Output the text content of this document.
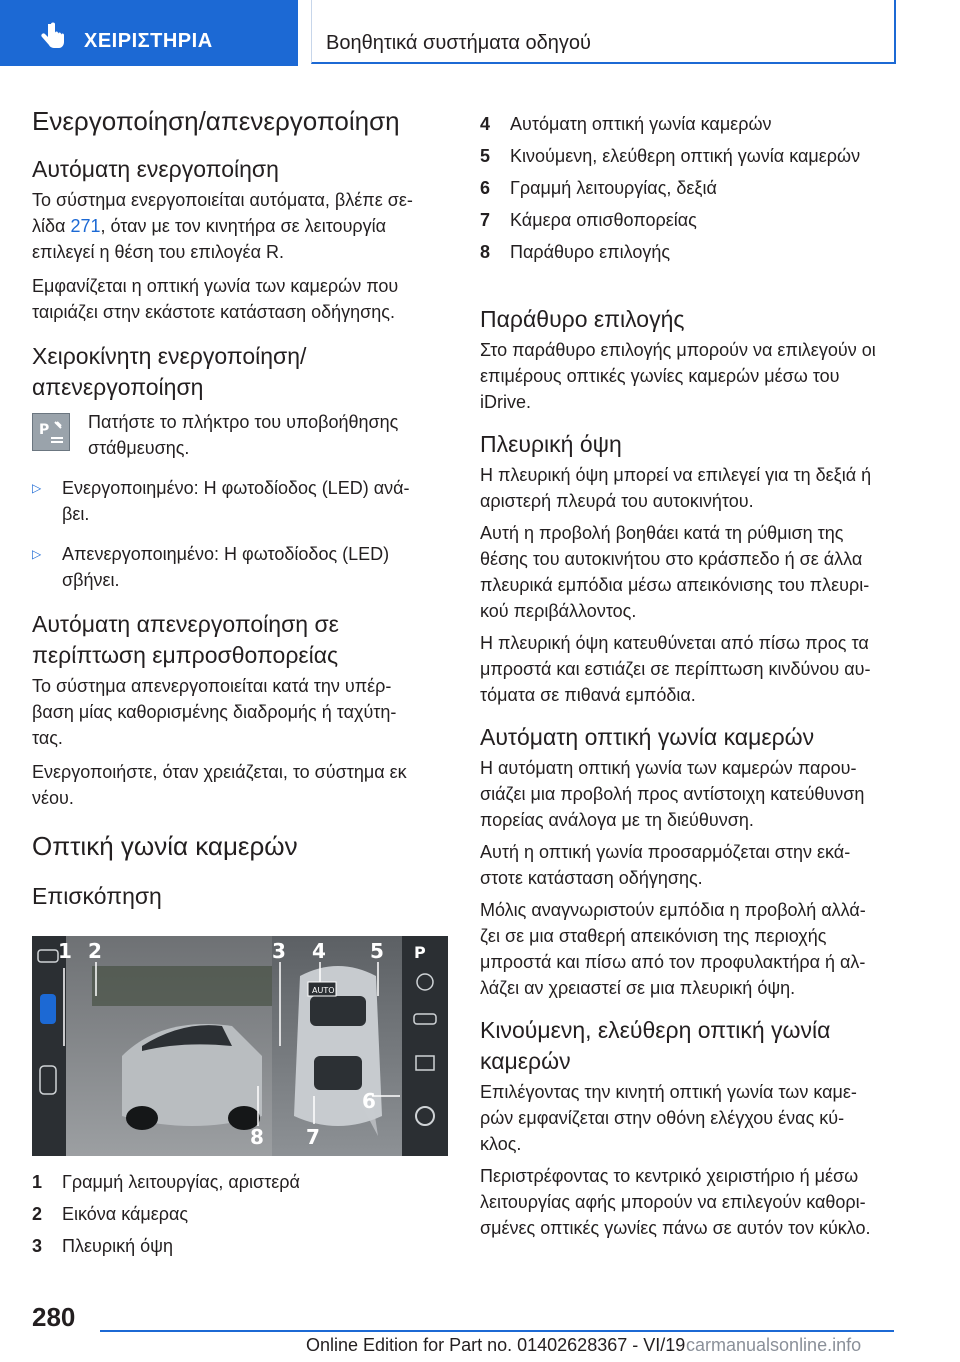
ΧΕΙΡΙΣΤΗΡΙΑ	Βοηθητικά συστήματα οδηγού
Ενεργοποίηση/απενεργοποίηση
Αυτόματη ενεργοποίηση

Το σύστημα ενεργοποιείται αυτόματα, βλέπε σε-
λίδα 271, όταν με τον κινητήρα σε λειτουργία
επιλεγεί η θέση του επιλογέα R.

Εμφανίζεται η οπτική γωνία των καμερών που
ταιριάζει στην εκάστοτε κατάσταση οδήγησης.

Χειροκίνητη ενεργοποίηση/
απενεργοποίηση
P Πατήστε το πλήκτρο του υποβοήθησης
στάθμευσης.

▷	Ενεργοποιημένο: Η φωτοδίοδος (LED) ανά-
βει.

▷	Απενεργοποιημένο: Η φωτοδίοδος (LED)
σβήνει.

Αυτόματη απενεργοποίηση σε
περίπτωση εμπροσθοπορείας

Το σύστημα απενεργοποιείται κατά την υπέρ-
βαση μίας καθορισμένης διαδρομής ή ταχύτη-
τας.

Ενεργοποιήστε, όταν χρειάζεται, το σύστημα εκ
νέου.

Οπτική γωνία καμερών
Επισκόπηση
AUTO
P
1 2	3 4 5
6
7
8
1	Γραμμή λειτουργίας, αριστερά
2	Εικόνα κάμερας
3	Πλευρική όψη
4	Αυτόματη οπτική γωνία καμερών
5	Κινούμενη, ελεύθερη οπτική γωνία καμερών
6	Γραμμή λειτουργίας, δεξιά
7	Κάμερα οπισθοπορείας
8	Παράθυρο επιλογής
Παράθυρο επιλογής

Στο παράθυρο επιλογής μπορούν να επιλεγούν οι
επιμέρους οπτικές γωνίες καμερών μέσω του
iDrive.

Πλευρική όψη

Η πλευρική όψη μπορεί να επιλεγεί για τη δεξιά ή
αριστερή πλευρά του αυτοκινήτου.

Αυτή η προβολή βοηθάει κατά τη ρύθμιση της
θέσης του αυτοκινήτου στο κράσπεδο ή σε άλλα
πλευρικά εμπόδια μέσω απεικόνισης του πλευρι-
κού περιβάλλοντος.

Η πλευρική όψη κατευθύνεται από πίσω προς τα
μπροστά και εστιάζει σε περίπτωση κινδύνου αυ-
τόματα σε πιθανά εμπόδια.

Αυτόματη οπτική γωνία καμερών

Η αυτόματη οπτική γωνία των καμερών παρου-
σιάζει μια προβολή προς αντίστοιχη κατεύθυνση
πορείας ανάλογα με τη διεύθυνση.

Αυτή η οπτική γωνία προσαρμόζεται στην εκά-
στοτε κατάσταση οδήγησης.

Μόλις αναγνωριστούν εμπόδια η προβολή αλλά-
ζει σε μια σταθερή απεικόνιση της περιοχής
μπροστά και πίσω από τον προφυλακτήρα ή αλ-
λάζει αν χρειαστεί σε μια πλευρική όψη.

Κινούμενη, ελεύθερη οπτική γωνία
καμερών

Επιλέγοντας την κινητή οπτική γωνία των καμε-
ρών εμφανίζεται στην οθόνη ελέγχου ένας κύ-
κλος.

Περιστρέφοντας το κεντρικό χειριστήριο ή μέσω
λειτουργίας αφής μπορούν να επιλεγούν καθορι-
σμένες οπτικές γωνίες πάνω σε αυτόν τον κύκλο.

280
Online Edition for Part no. 01402628367 - VI/19 carmanualsonline.info
